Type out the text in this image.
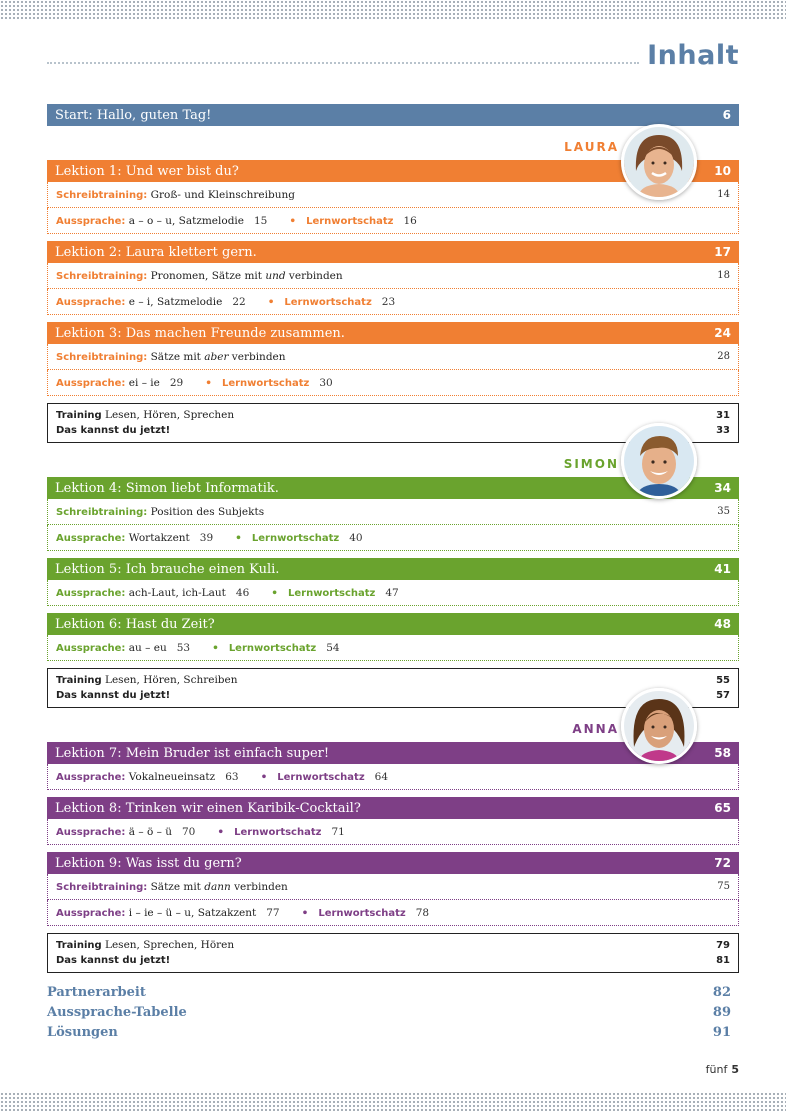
Inhalt
Start: Hallo, guten Tag!	6
LAURA
Lektion 1: Und wer bist du?	10
Schreibtraining: Groß- und Kleinschreibung	14
Aussprache: a – o – u, Satzmelodie 15 • Lernwortschatz 16
Lektion 2: Laura klettert gern.	17
Schreibtraining: Pronomen, Sätze mit und verbinden	18
Aussprache: e – i, Satzmelodie 22 • Lernwortschatz 23
Lektion 3: Das machen Freunde zusammen.	24
Schreibtraining: Sätze mit aber verbinden	28
Aussprache: ei – ie 29 • Lernwortschatz 30
Training Lesen, Hören, Sprechen	31
Das kannst du jetzt!	33
SIMON
Lektion 4: Simon liebt Informatik.	34
Schreibtraining: Position des Subjekts	35
Aussprache: Wortakzent 39 • Lernwortschatz 40
Lektion 5: Ich brauche einen Kuli.	41
Aussprache: ach-Laut, ich-Laut 46 • Lernwortschatz 47
Lektion 6: Hast du Zeit?	48
Aussprache: au – eu 53 • Lernwortschatz 54
Training Lesen, Hören, Schreiben	55
Das kannst du jetzt!	57
ANNA
Lektion 7: Mein Bruder ist einfach super!	58
Aussprache: Vokalneueinsatz 63 • Lernwortschatz 64
Lektion 8: Trinken wir einen Karibik-Cocktail?	65
Aussprache: ä – ö – ü 70 • Lernwortschatz 71
Lektion 9: Was isst du gern?	72
Schreibtraining: Sätze mit dann verbinden	75
Aussprache: i – ie – ü – u, Satzakzent 77 • Lernwortschatz 78
Training Lesen, Sprechen, Hören	79
Das kannst du jetzt!	81
Partnerarbeit	82
Aussprache-Tabelle	89
Lösungen	91
fünf 5
